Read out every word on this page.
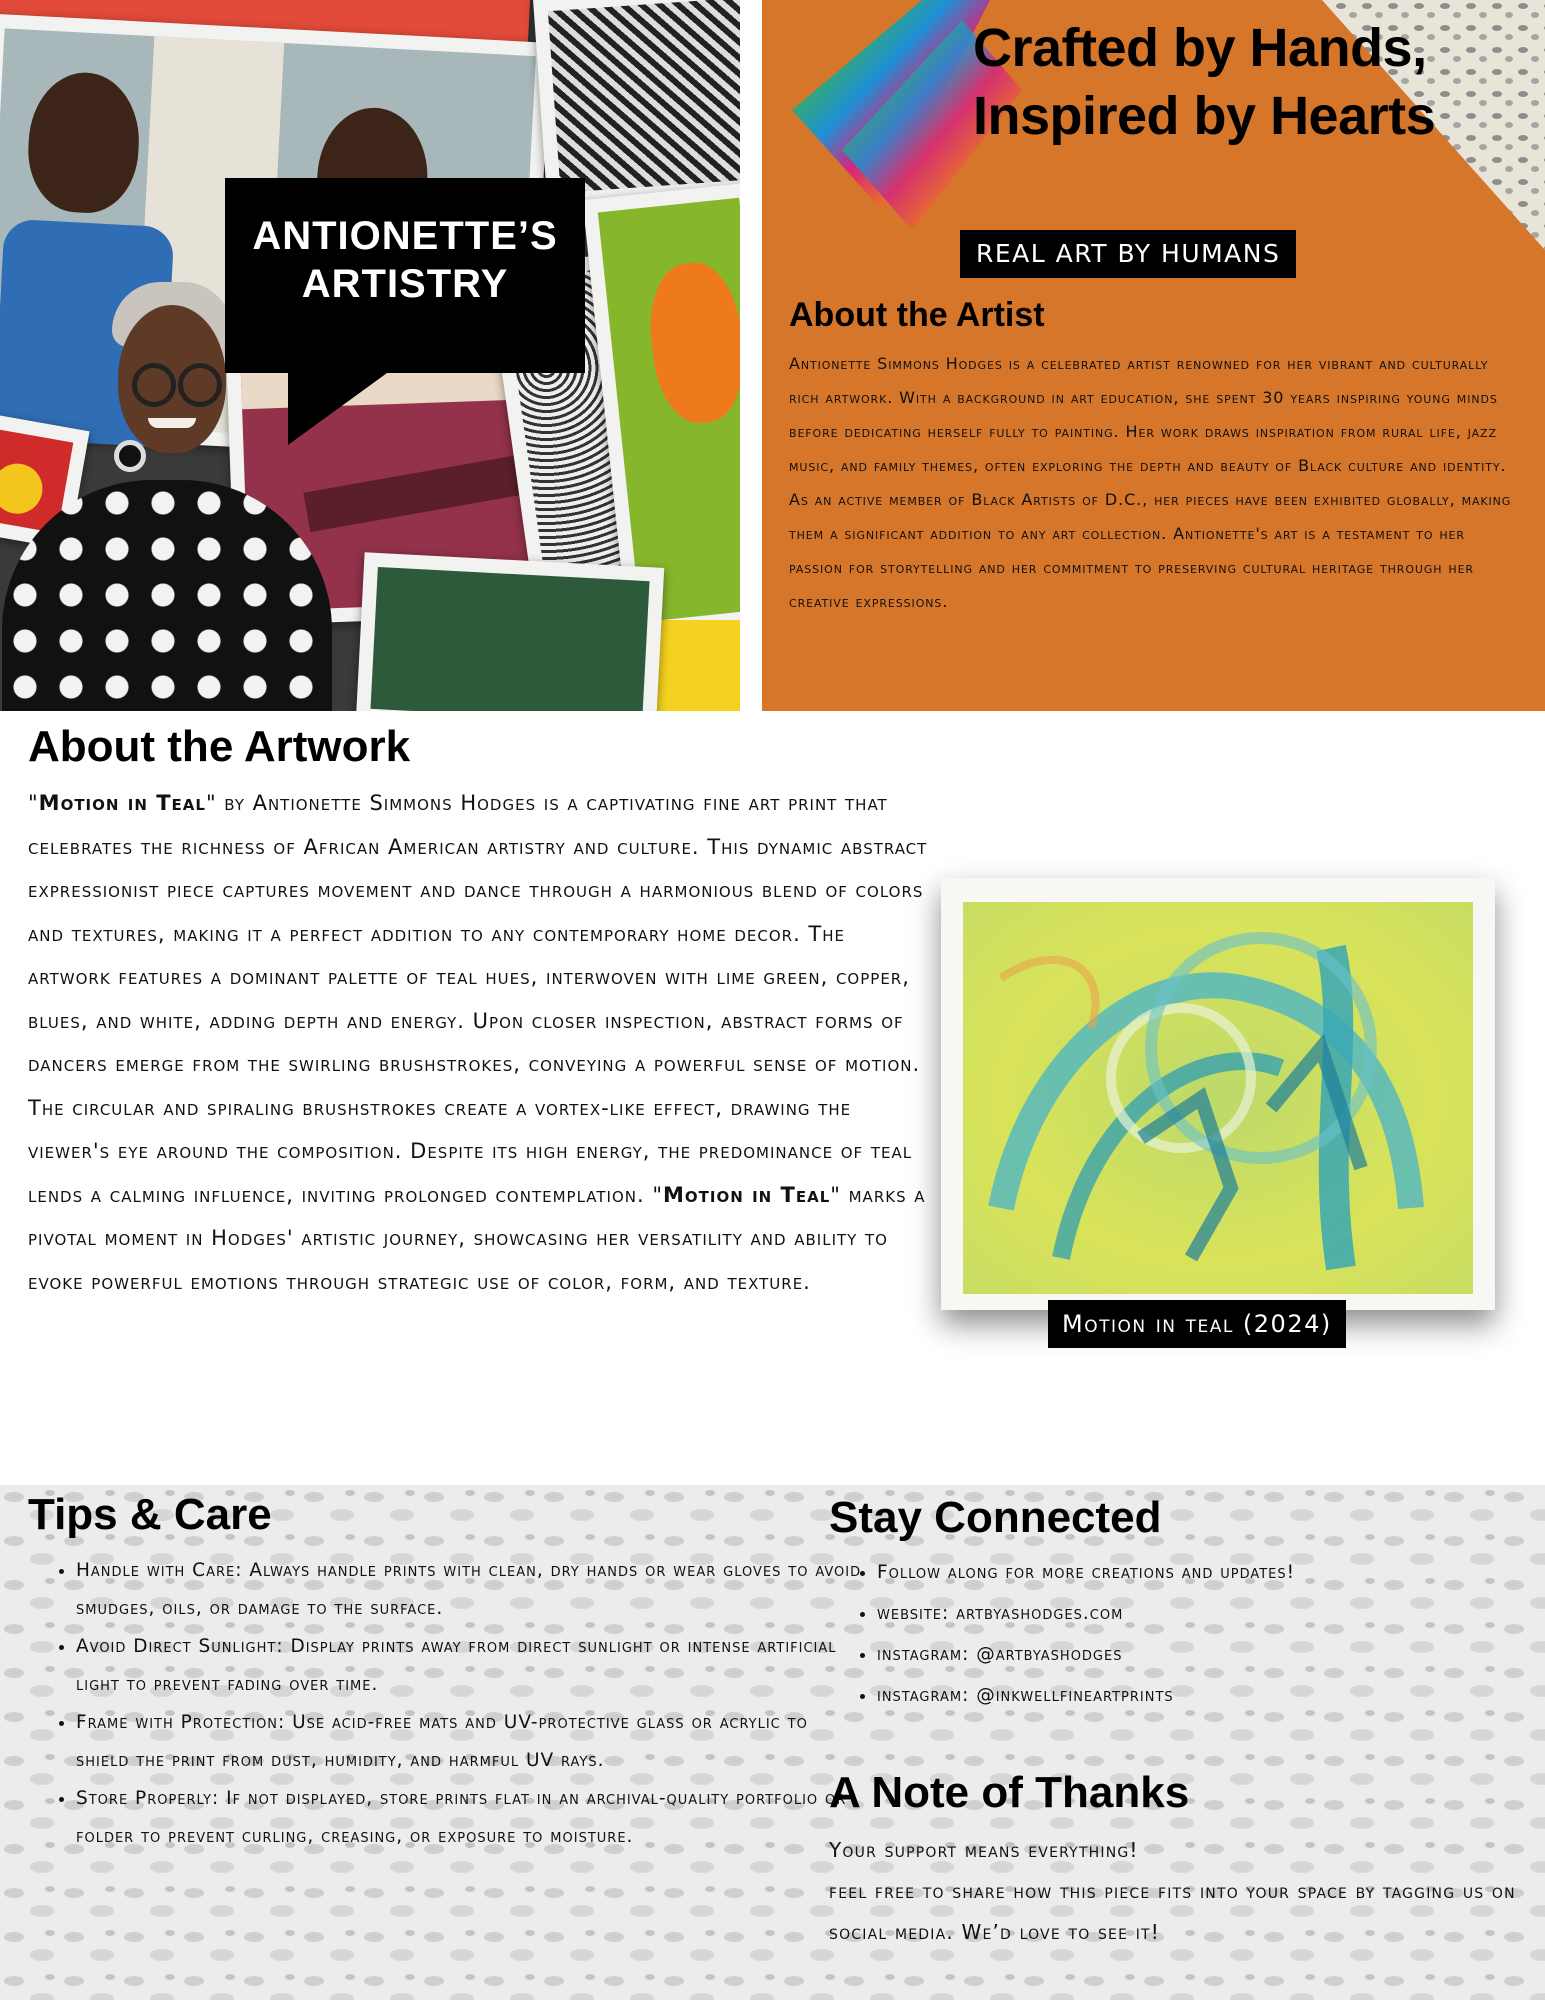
ANTIONETTE’S
ARTISTRY
Crafted by Hands, Inspired by Hearts
REAL ART BY HUMANS
About the Artist
Antionette Simmons Hodges is a celebrated artist renowned for her vibrant and culturally rich artwork. With a background in art education, she spent 30 years inspiring young minds before dedicating herself fully to painting. Her work draws inspiration from rural life, jazz music, and family themes, often exploring the depth and beauty of Black culture and identity. As an active member of Black Artists of D.C., her pieces have been exhibited globally, making them a significant addition to any art collection. Antionette's art is a testament to her passion for storytelling and her commitment to preserving cultural heritage through her creative expressions.
About the Artwork
"Motion in Teal" by Antionette Simmons Hodges is a captivating fine art print that celebrates the richness of African American artistry and culture. This dynamic abstract expressionist piece captures movement and dance through a harmonious blend of colors and textures, making it a perfect addition to any contemporary home decor. The artwork features a dominant palette of teal hues, interwoven with lime green, copper, blues, and white, adding depth and energy. Upon closer inspection, abstract forms of dancers emerge from the swirling brushstrokes, conveying a powerful sense of motion. The circular and spiraling brushstrokes create a vortex-like effect, drawing the viewer's eye around the composition. Despite its high energy, the predominance of teal lends a calming influence, inviting prolonged contemplation. "Motion in Teal" marks a pivotal moment in Hodges' artistic journey, showcasing her versatility and ability to evoke powerful emotions through strategic use of color, form, and texture.
Motion in teal (2024)
Tips & Care
• Handle with Care: Always handle prints with clean, dry hands or wear gloves to avoid smudges, oils, or damage to the surface.
• Avoid Direct Sunlight: Display prints away from direct sunlight or intense artificial light to prevent fading over time.
• Frame with Protection: Use acid-free mats and UV-protective glass or acrylic to shield the print from dust, humidity, and harmful UV rays.
• Store Properly: If not displayed, store prints flat in an archival-quality portfolio or folder to prevent curling, creasing, or exposure to moisture.
Stay Connected
• Follow along for more creations and updates!
• website: artbyashodges.com
• instagram: @artbyashodges
• instagram: @inkwellfineartprints
A Note of Thanks
Your support means everything!
feel free to share how this piece fits into your space by tagging us on social media. We’d love to see it!
